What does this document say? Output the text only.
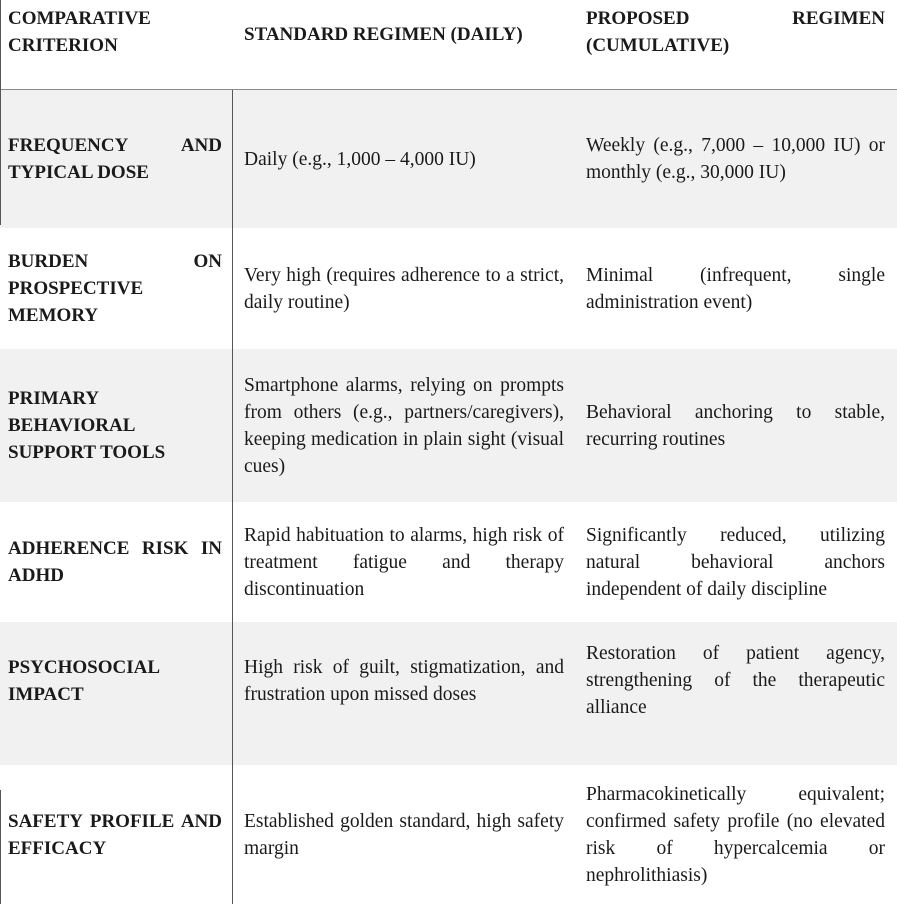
COMPARATIVE CRITERION
STANDARD REGIMEN (DAILY)
PROPOSED REGIMEN (CUMULATIVE)
FREQUENCY AND TYPICAL DOSE
Daily (e.g., 1,000 – 4,000 IU)
Weekly (e.g., 7,000 – 10,000 IU) or monthly (e.g., 30,000 IU)
BURDEN ON PROSPECTIVE MEMORY
Very high (requires adherence to a strict, daily routine)
Minimal (infrequent, single administration event)
PRIMARY BEHAVIORAL SUPPORT TOOLS
Smartphone alarms, relying on prompts from others (e.g., partners/caregivers), keeping medication in plain sight (visual cues)
Behavioral anchoring to stable, recurring routines
ADHERENCE RISK IN ADHD
Rapid habituation to alarms, high risk of treatment fatigue and therapy discontinuation
Significantly reduced, utilizing natural behavioral anchors independent of daily discipline
PSYCHOSOCIAL IMPACT
High risk of guilt, stigmatization, and frustration upon missed doses
Restoration of patient agency, strengthening of the therapeutic alliance
SAFETY PROFILE AND EFFICACY
Established golden standard, high safety margin
Pharmacokinetically equivalent; confirmed safety profile (no elevated risk of hypercalcemia or nephrolithiasis)
